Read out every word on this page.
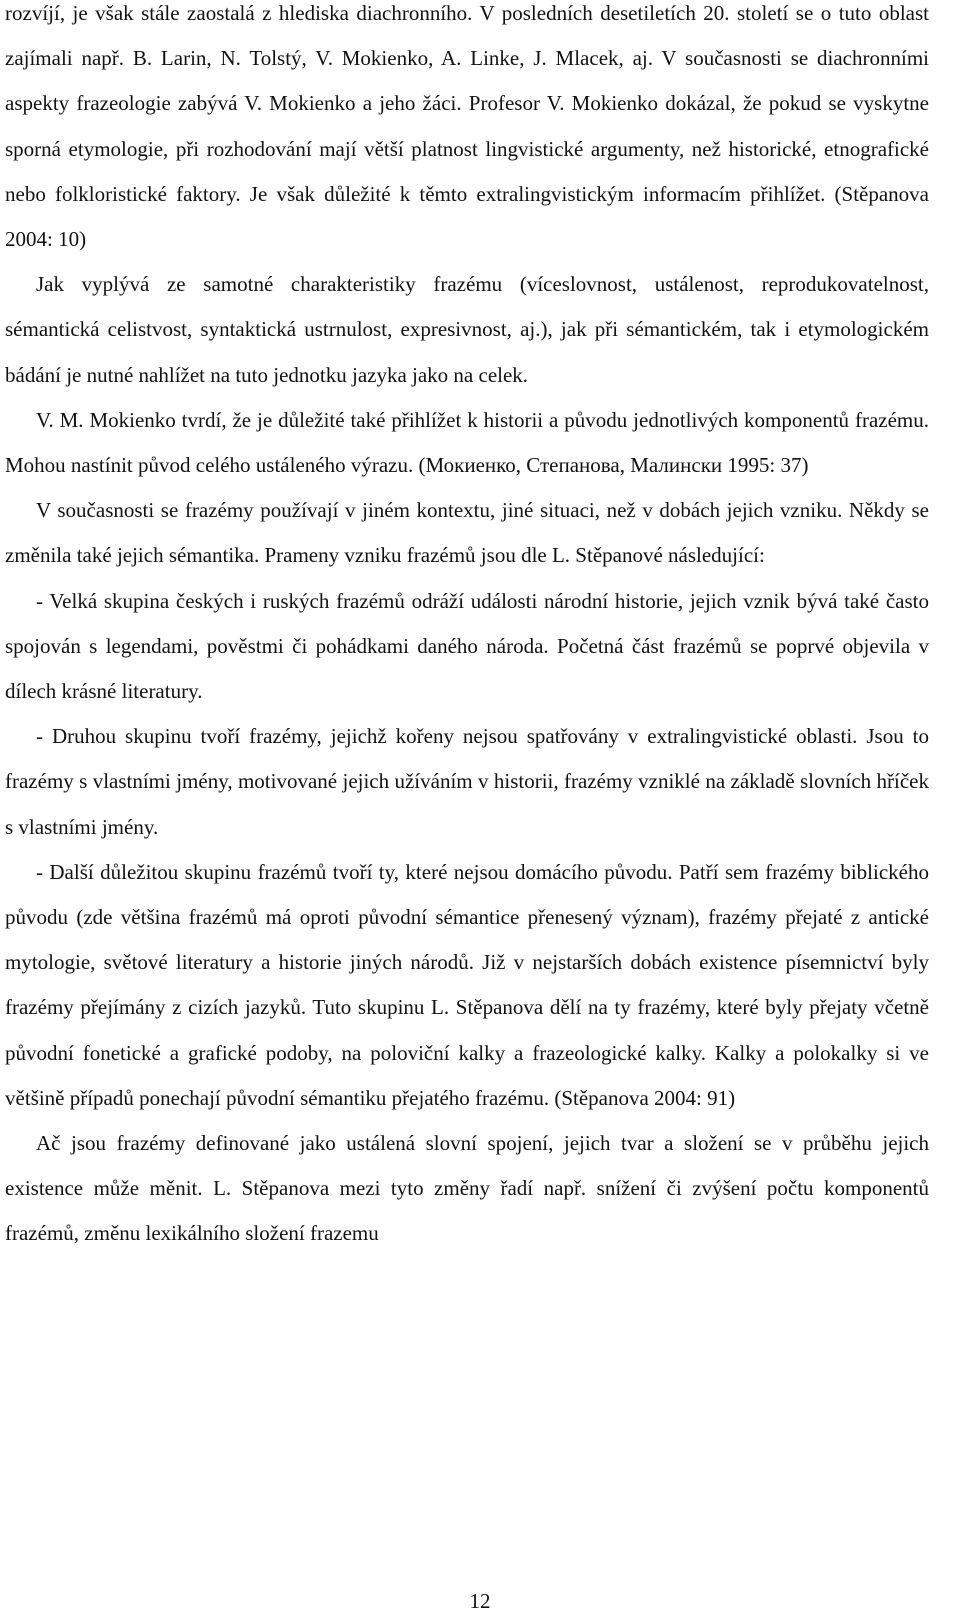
rozvíjí, je však stále zaostalá z hlediska diachronního. V posledních desetiletích 20. století se o tuto oblast zajímali např. B. Larin, N. Tolstý, V. Mokienko, A. Linke, J. Mlacek, aj. V současnosti se diachronními aspekty frazeologie zabývá V. Mokienko a jeho žáci. Profesor V. Mokienko dokázal, že pokud se vyskytne sporná etymologie, při rozhodování mají větší platnost lingvistické argumenty, než historické, etnografické nebo folkloristické faktory. Je však důležité k těmto extralingvistickým informacím přihlížet. (Stěpanova 2004: 10)

Jak vyplývá ze samotné charakteristiky frazému (víceslovnost, ustálenost, reprodukovatelnost, sémantická celistvost, syntaktická ustrnulost, expresivnost, aj.), jak při sémantickém, tak i etymologickém bádání je nutné nahlížet na tuto jednotku jazyka jako na celek.

V. M. Mokienko tvrdí, že je důležité také přihlížet k historii a původu jednotlivých komponentů frazému. Mohou nastínit původ celého ustáleného výrazu. (Мокиенко, Степанова, Малински 1995: 37)

V současnosti se frazémy používají v jiném kontextu, jiné situaci, než v dobách jejich vzniku. Někdy se změnila také jejich sémantika. Prameny vzniku frazémů jsou dle L. Stěpanové následující:

- Velká skupina českých i ruských frazémů odráží události národní historie, jejich vznik bývá také často spojován s legendami, pověstmi či pohádkami daného národa. Početná část frazémů se poprvé objevila v dílech krásné literatury.

- Druhou skupinu tvoří frazémy, jejichž kořeny nejsou spatřovány v extralingvistické oblasti. Jsou to frazémy s vlastními jmény, motivované jejich užíváním v historii, frazémy vzniklé na základě slovních hříček s vlastními jmény.

- Další důležitou skupinu frazémů tvoří ty, které nejsou domácího původu. Patří sem frazémy biblického původu (zde většina frazémů má oproti původní sémantice přenesený význam), frazémy přejaté z antické mytologie, světové literatury a historie jiných národů. Již v nejstarších dobách existence písemnictví byly frazémy přejímány z cizích jazyků. Tuto skupinu L. Stěpanova dělí na ty frazémy, které byly přejaty včetně původní fonetické a grafické podoby, na poloviční kalky a frazeologické kalky. Kalky a polokalky si ve většině případů ponechají původní sémantiku přejatého frazému. (Stěpanova 2004: 91)

Ač jsou frazémy definované jako ustálená slovní spojení, jejich tvar a složení se v průběhu jejich existence může měnit. L. Stěpanova mezi tyto změny řadí např. snížení či zvýšení počtu komponentů frazémů, změnu lexikálního složení frazemu

12
